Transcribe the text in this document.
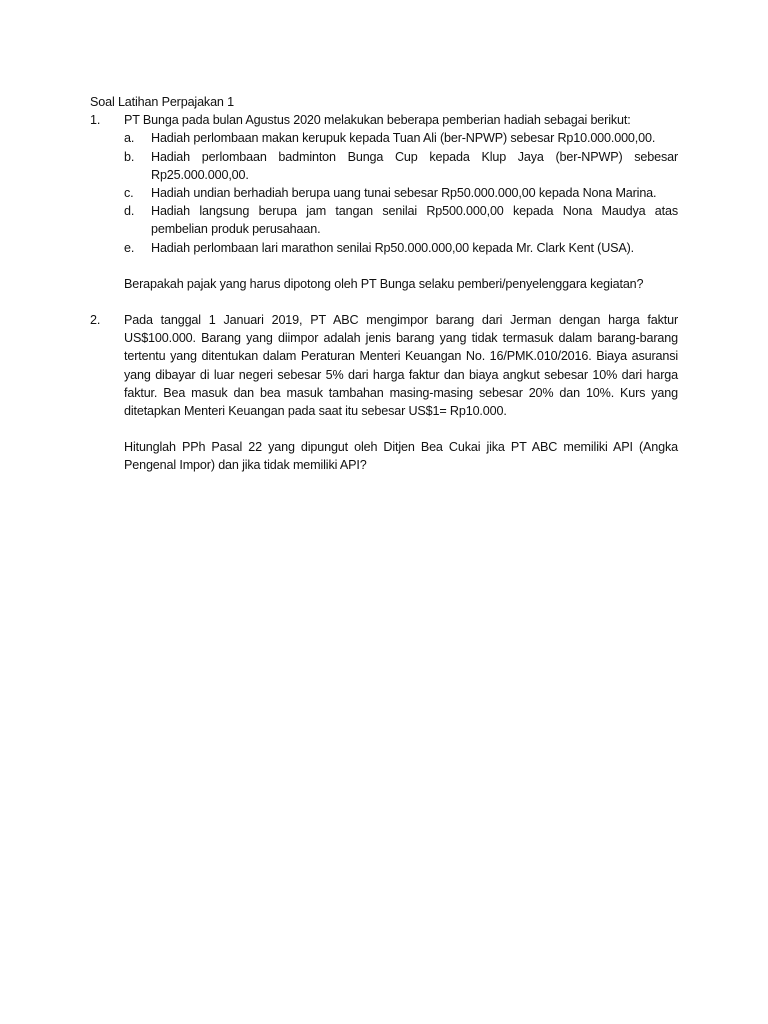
Soal Latihan Perpajakan 1
1.	PT Bunga pada bulan Agustus 2020 melakukan beberapa pemberian hadiah sebagai berikut:
a.	Hadiah perlombaan makan kerupuk kepada Tuan Ali (ber-NPWP) sebesar Rp10.000.000,00.
b.	Hadiah perlombaan badminton Bunga Cup kepada Klup Jaya (ber-NPWP) sebesar Rp25.000.000,00.
c.	Hadiah undian berhadiah berupa uang tunai sebesar Rp50.000.000,00 kepada Nona Marina.
d.	Hadiah langsung berupa jam tangan senilai Rp500.000,00 kepada Nona Maudya atas pembelian produk perusahaan.
e.	Hadiah perlombaan lari marathon senilai Rp50.000.000,00 kepada Mr. Clark Kent (USA).
Berapakah pajak yang harus dipotong oleh PT Bunga selaku pemberi/penyelenggara kegiatan?
2.	Pada tanggal 1 Januari 2019, PT ABC mengimpor barang dari Jerman dengan harga faktur US$100.000. Barang yang diimpor adalah jenis barang yang tidak termasuk dalam barang-barang tertentu yang ditentukan dalam Peraturan Menteri Keuangan No. 16/PMK.010/2016. Biaya asuransi yang dibayar di luar negeri sebesar 5% dari harga faktur dan biaya angkut sebesar 10% dari harga faktur. Bea masuk dan bea masuk tambahan masing-masing sebesar 20% dan 10%. Kurs yang ditetapkan Menteri Keuangan pada saat itu sebesar US$1= Rp10.000.
Hitunglah PPh Pasal 22 yang dipungut oleh Ditjen Bea Cukai jika PT ABC memiliki API (Angka Pengenal Impor) dan jika tidak memiliki API?
